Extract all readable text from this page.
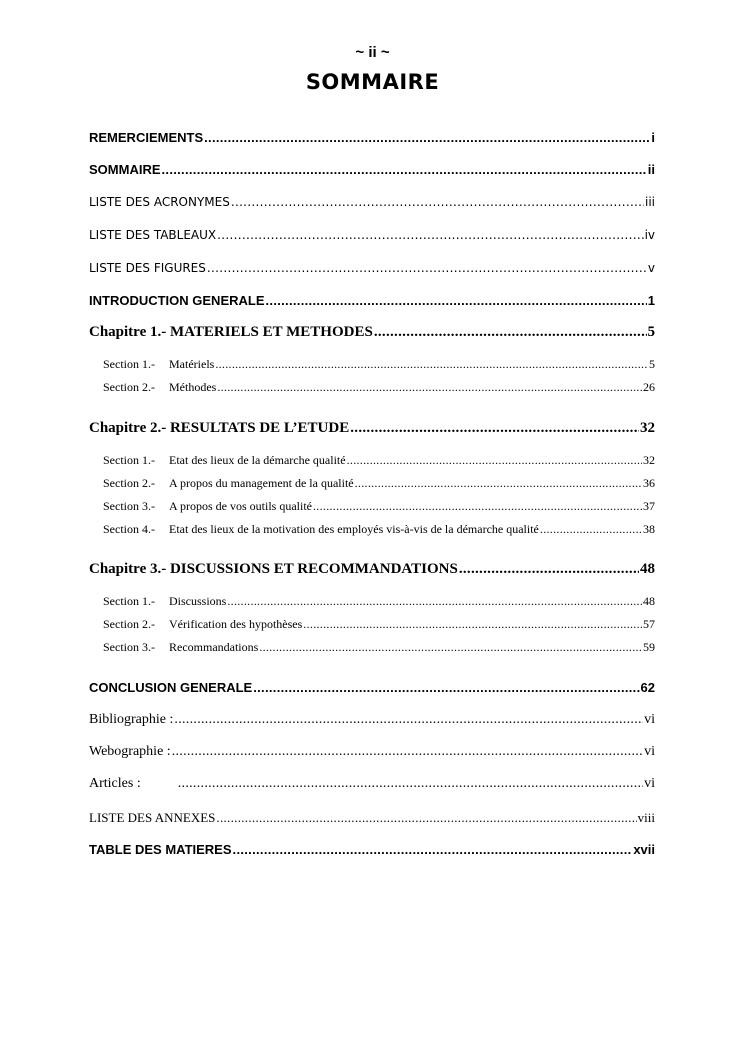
~ ii ~
SOMMAIRE
REMERCIEMENTS .....	i
SOMMAIRE .....	ii
LISTE DES ACRONYMES .....	iii
LISTE DES TABLEAUX .....	iv
LISTE DES FIGURES .....	v
INTRODUCTION GENERALE .....	1
Chapitre 1.- MATERIELS ET METHODES .....	5
Section 1.- Matériels .....	5
Section 2.- Méthodes .....	26
Chapitre 2.- RESULTATS DE L’ETUDE .....	32
Section 1.- Etat des lieux de la démarche qualité .....	32
Section 2.- A propos du management de la qualité .....	36
Section 3.- A propos de vos outils qualité .....	37
Section 4.- Etat des lieux de la motivation des employés vis-à-vis de la démarche qualité .....	38
Chapitre 3.- DISCUSSIONS ET RECOMMANDATIONS .....	48
Section 1.- Discussions .....	48
Section 2.- Vérification des hypothèses .....	57
Section 3.- Recommandations .....	59
CONCLUSION GENERALE .....	62
Bibliographie : .....	vi
Webographie : .....	vi
Articles : .....	vi
LISTE DES ANNEXES .....	viii
TABLE DES MATIERES .....	xvii
